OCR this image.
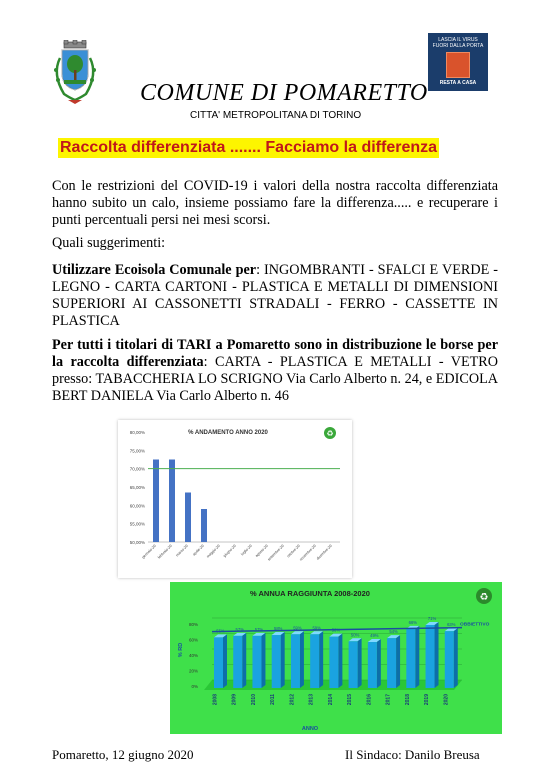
COMUNE DI POMARETTO
CITTA' METROPOLITANA DI TORINO
LASCIA IL VIRUS
FUORI DALLA PORTA
RESTA A CASA
Raccolta differenziata ....... Facciamo la differenza
Con le restrizioni del COVID-19 i valori della nostra raccolta differenziata hanno subito un calo, insieme possiamo fare la differenza..... e recuperare i punti percentuali persi nei mesi scorsi.
Quali suggerimenti:
Utilizzare Ecoisola Comunale per: INGOMBRANTI - SFALCI E VERDE - LEGNO - CARTA CARTONI - PLASTICA E METALLI DI DIMENSIONI SUPERIORI AI CASSONETTI STRADALI - FERRO - CASSETTE IN PLASTICA
Per tutti i titolari di TARI a Pomaretto sono in distribuzione le borse per la raccolta differenziata: CARTA - PLASTICA E METALLI - VETRO presso: TABACCHERIA LO SCRIGNO Via Carlo Alberto n. 24, e EDICOLA BERT DANIELA Via Carlo Alberto n. 46
% ANDAMENTO ANNO 2020	♻
50,00%
55,00%
60,00%
65,00%
70,00%
75,00%
80,00%
gennaio-20 febbraio-20 marzo-20 aprile-20 maggio-20 giugno-20 luglio-20 agosto-20
settembre-20 ottobre-20
novembre-20 dicembre-20
% ANNUA RAGGIUNTA 2008-2020	♻
0%
20%
40%
60%
80%
% RD
2008
57%
2009
57%
2010
58%
2011
59%
2012
59%
2013	2014
50%
2015
49%
2016
54%
2017
66%
2018
71%
2019
63%
2020
OBBIETTIVO
ANNO
Pomaretto, 12 giugno 2020	Il Sindaco: Danilo Breusa
